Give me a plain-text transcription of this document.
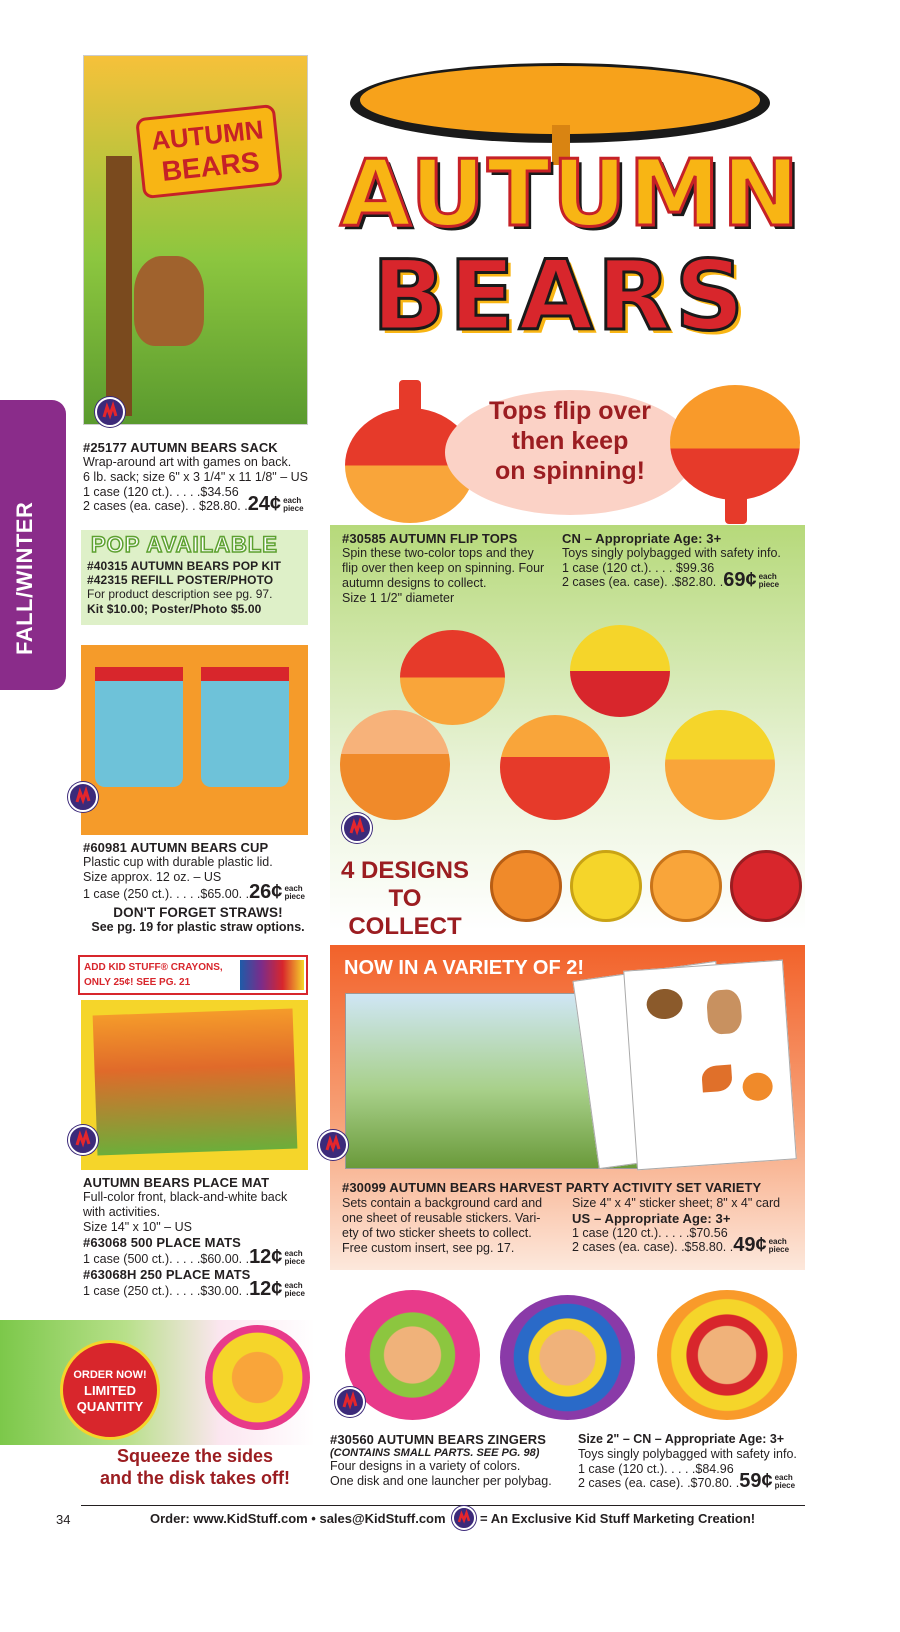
FALL/WINTER
AUTUMN
BEARS
AUTUMN
BEARS
#25177 AUTUMN BEARS SACK
Wrap-around art with games on back.
6 lb. sack; size 6" x 3 1/4" x 11 1/8" – US
1 case (120 ct.). . . . .$34.56
2 cases (ea. case). . $28.80. .24¢ each piece
POP AVAILABLE
#40315 AUTUMN BEARS POP KIT
#42315 REFILL POSTER/PHOTO
For product description see pg. 97.
Kit $10.00; Poster/Photo $5.00
#60981 AUTUMN BEARS CUP
Plastic cup with durable plastic lid.
Size approx. 12 oz. – US
1 case (250 ct.). . . . .$65.00. .26¢ each piece
DON'T FORGET STRAWS!
See pg. 19 for plastic straw options.
Tops flip over
then keep
on spinning!
#30585 AUTUMN FLIP TOPS
Spin these two-color tops and they
flip over then keep on spinning. Four
autumn designs to collect.
Size 1 1/2" diameter
CN – Appropriate Age: 3+
Toys singly polybagged with safety info.
1 case (120 ct.). . . . $99.36
2 cases (ea. case). .$82.80. .69¢ each piece
4 DESIGNS
TO COLLECT
ADD KID STUFF® CRAYONS,
ONLY 25¢! SEE PG. 21
AUTUMN BEARS PLACE MAT
Full-color front, black-and-white back
with activities.
Size 14" x 10" – US
#63068 500 PLACE MATS
1 case (500 ct.). . . . .$60.00. .12¢ each piece
#63068H 250 PLACE MATS
1 case (250 ct.). . . . .$30.00. .12¢ each piece
NOW IN A VARIETY OF 2!
#30099 AUTUMN BEARS HARVEST PARTY ACTIVITY SET VARIETY
Sets contain a background card and
one sheet of reusable stickers. Vari-
ety of two sticker sheets to collect.
Free custom insert, see pg. 17.
Size 4" x 4" sticker sheet; 8" x 4" card
US – Appropriate Age: 3+
1 case (120 ct.). . . . .$70.56
2 cases (ea. case). .$58.80. .49¢ each piece
ORDER NOW!
LIMITED
QUANTITY
Squeeze the sides
and the disk takes off!
#30560 AUTUMN BEARS ZINGERS
(CONTAINS SMALL PARTS. SEE PG. 98)
Four designs in a variety of colors.
One disk and one launcher per polybag.
Size 2" – CN – Appropriate Age: 3+
Toys singly polybagged with safety info.
1 case (120 ct.). . . . .$84.96
2 cases (ea. case). .$70.80. .59¢ each piece
34	Order: www.KidStuff.com • sales@KidStuff.com	= An Exclusive Kid Stuff Marketing Creation!
